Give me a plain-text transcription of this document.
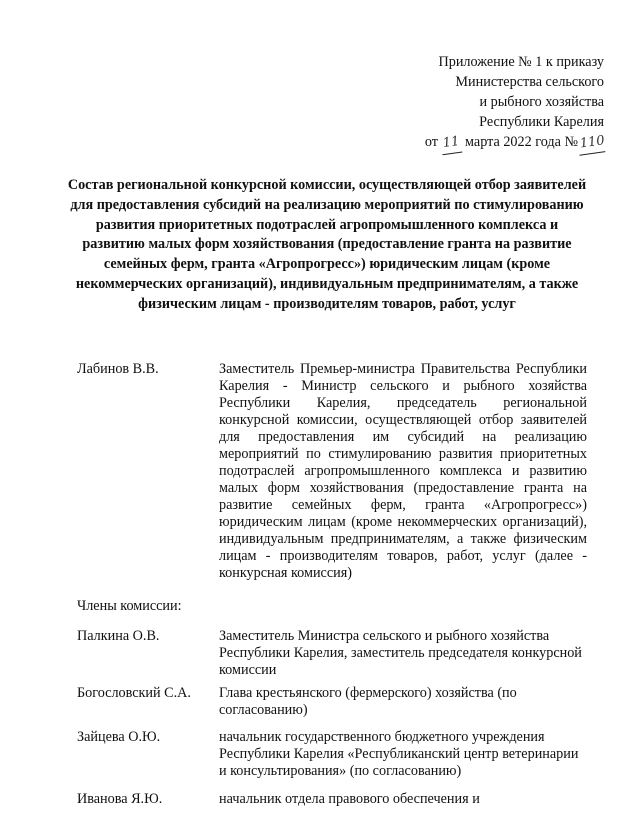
Приложение № 1 к приказу
Министерства сельского
и рыбного хозяйства
Республики Карелия
от 11 марта 2022 года №110
Состав региональной конкурсной комиссии, осуществляющей отбор заявителей для предоставления субсидий на реализацию мероприятий по стимулированию развития приоритетных подотраслей агропромышленного комплекса и развитию малых форм хозяйствования (предоставление гранта на развитие семейных ферм, гранта «Агропрогресс») юридическим лицам (кроме некоммерческих организаций), индивидуальным предпринимателям, а также физическим лицам - производителям товаров, работ, услуг
Лабинов В.В.	Заместитель Премьер-министра Правительства Республики Карелия - Министр сельского и рыбного хозяйства Республики Карелия, председатель региональной конкурсной комиссии, осуществляющей отбор заявителей для предоставления им субсидий на реализацию мероприятий по стимулированию развития приоритетных подотраслей агропромышленного комплекса и развитию малых форм хозяйствования (предоставление гранта на развитие семейных ферм, гранта «Агропрогресс») юридическим лицам (кроме некоммерческих организаций), индивидуальным предпринимателям, а также физическим лицам - производителям товаров, работ, услуг (далее - конкурсная комиссия)
Члены комиссии:
Палкина О.В.	Заместитель Министра сельского и рыбного хозяйства Республики Карелия, заместитель председателя конкурсной комиссии
Богословский С.А.	Глава крестьянского (фермерского) хозяйства (по согласованию)
Зайцева О.Ю.	начальник государственного бюджетного учреждения Республики Карелия «Республиканский центр ветеринарии и консультирования» (по согласованию)
Иванова Я.Ю.	начальник отдела правового обеспечения и
